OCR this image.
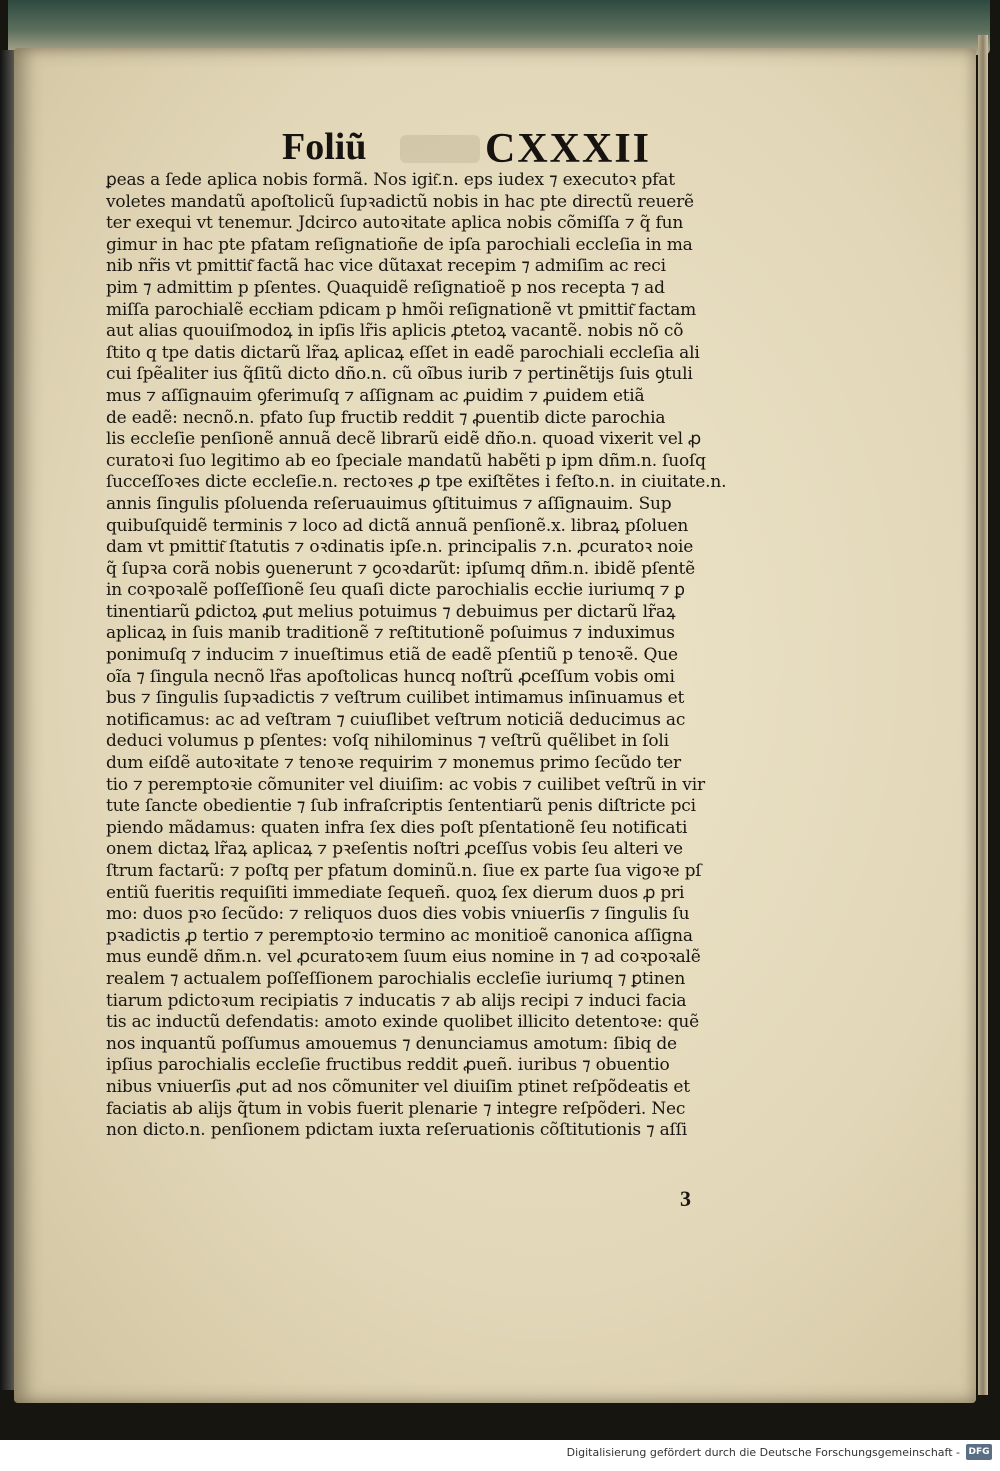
Foliũ	CXXXII
ꝑeas a ſede aplica nobis formã. Nos igit͂.n. eps iudex ⁊ executoꝛ pfat
voletes mandatũ apoſtolicũ ſupꝛadictũ nobis in hac pte directũ reuerẽ
ter exequi vt tenemur. Jdcirco autoꝛitate aplica nobis cõmiſſa ⁊ q̃ fun
gimur in hac pte pfatam reſignatioñe de ipſa parochiali eccleſia in ma
nib nr̃is vt pmittit͂ factã hac vice dũtaxat recepim ⁊ admiſim ac reci
pim ⁊ admittim p pſentes. Quaquidẽ reſignatioẽ p nos recepta ⁊ ad
miſſa parochialẽ eccłiam pdicam p hmõi reſignationẽ vt pmittit͂ factam
aut alias quouiſmodoꝝ in ipſis lr̃is aplicis ꝓtetoꝝ vacantẽ. nobis nõ cõ
ſtito q tpe datis dictarũ lr̃aꝝ aplicaꝝ eſſet in eadẽ parochiali eccleſia ali
cui ſpẽaliter ius q̃ſitũ dicto dño.n. cũ oĩbus iurib ⁊ pertinẽtijs ſuis ꝯtuli
mus ⁊ aſſignauim ꝯferimuſq ⁊ aſſignam ac ꝓuidim ⁊ ꝓuidem etiã
de eadẽ: necnõ.n. pfato ſup fructib reddit ⁊ ꝓuentib dicte parochia
lis eccleſie penſionẽ annuã decẽ librarũ eidẽ dño.n. quoad vixerit vel ꝓ
curatoꝛi ſuo legitimo ab eo ſpeciale mandatũ habẽti p ipm dñm.n. ſuoſq
ſucceſſoꝛes dicte eccleſie.n. rectoꝛes ꝓ tpe exiſtẽtes i feſto.n. in ciuitate.n.
annis ſingulis pſoluenda reſeruauimus ꝯſtituimus ⁊ aſſignauim. Sup
quibuſquidẽ terminis ⁊ loco ad dictã annuã penſionẽ.x. libraꝝ pſoluen
dam vt pmittit͂ ſtatutis ⁊ oꝛdinatis ipſe.n. principalis ⁊.n. ꝓcuratoꝛ noie
q̃ ſupꝛa corã nobis ꝯuenerunt ⁊ ꝯcoꝛdarũt: ipſumq dñm.n. ibidẽ pſentẽ
in coꝛpoꝛalẽ poſſeſſionẽ ſeu quaſi dicte parochialis eccłie iuriumq ⁊ ꝑ
tinentiarũ ꝑdictoꝝ ꝓut melius potuimus ⁊ debuimus per dictarũ lr̃aꝝ
aplicaꝝ in ſuis manib traditionẽ ⁊ reſtitutionẽ poſuimus ⁊ induximus
ponimuſq ⁊ inducim ⁊ inueſtimus etiã de eadẽ pſentiũ p tenoꝛẽ. Que
oĩa ⁊ ſingula necnõ lr̃as apoſtolicas huncq noſtrũ ꝓceſſum vobis omi
bus ⁊ ſingulis ſupꝛadictis ⁊ veſtrum cuilibet intimamus inſinuamus et
notificamus: ac ad veſtram ⁊ cuiuſlibet veſtrum noticiã deducimus ac
deduci volumus p pſentes: voſq nihilominus ⁊ veſtrũ quẽlibet in ſoli
dum eiſdẽ autoꝛitate ⁊ tenoꝛe requirim ⁊ monemus primo ſecũdo ter
tio ⁊ peremptoꝛie cõmuniter vel diuiſim: ac vobis ⁊ cuilibet veſtrũ in vir
tute ſancte obedientie ⁊ ſub infraſcriptis ſententiarũ penis diſtricte pci
piendo mãdamus: quaten infra ſex dies poſt pſentationẽ ſeu notificati
onem dictaꝝ lr̃aꝝ aplicaꝝ ⁊ pꝛeſentis noſtri ꝓceſſus vobis ſeu alteri ve
ſtrum factarũ: ⁊ poſtq per pfatum dominũ.n. ſiue ex parte ſua vigoꝛe pſ
entiũ fueritis requiſiti immediate ſequeñ. quoꝝ ſex dierum duos ꝓ pri
mo: duos pꝛo ſecũdo: ⁊ reliquos duos dies vobis vniuerſis ⁊ ſingulis ſu
pꝛadictis ꝓ tertio ⁊ peremptoꝛio termino ac monitioẽ canonica aſſigna
mus eundẽ dñm.n. vel ꝓcuratoꝛem ſuum eius nomine in ⁊ ad coꝛpoꝛalẽ
realem ⁊ actualem poſſeſſionem parochialis eccleſie iuriumq ⁊ ꝑtinen
tiarum pdictoꝛum recipiatis ⁊ inducatis ⁊ ab alijs recipi ⁊ induci facia
tis ac inductũ defendatis: amoto exinde quolibet illicito detentoꝛe: quẽ
nos inquantũ poſſumus amouemus ⁊ denunciamus amotum: ſibiq de
ipſius parochialis eccleſie fructibus reddit ꝓueñ. iuribus ⁊ obuentio
nibus vniuerſis ꝓut ad nos cõmuniter vel diuiſim ptinet reſpõdeatis et
faciatis ab alijs q̃tum in vobis fuerit plenarie ⁊ integre reſpõderi. Nec
non dicto.n. penſionem pdictam iuxta reſeruationis cõſtitutionis ⁊ aſſi
3
Digitalisierung gefördert durch die Deutsche Forschungsgemeinschaft - DFG
